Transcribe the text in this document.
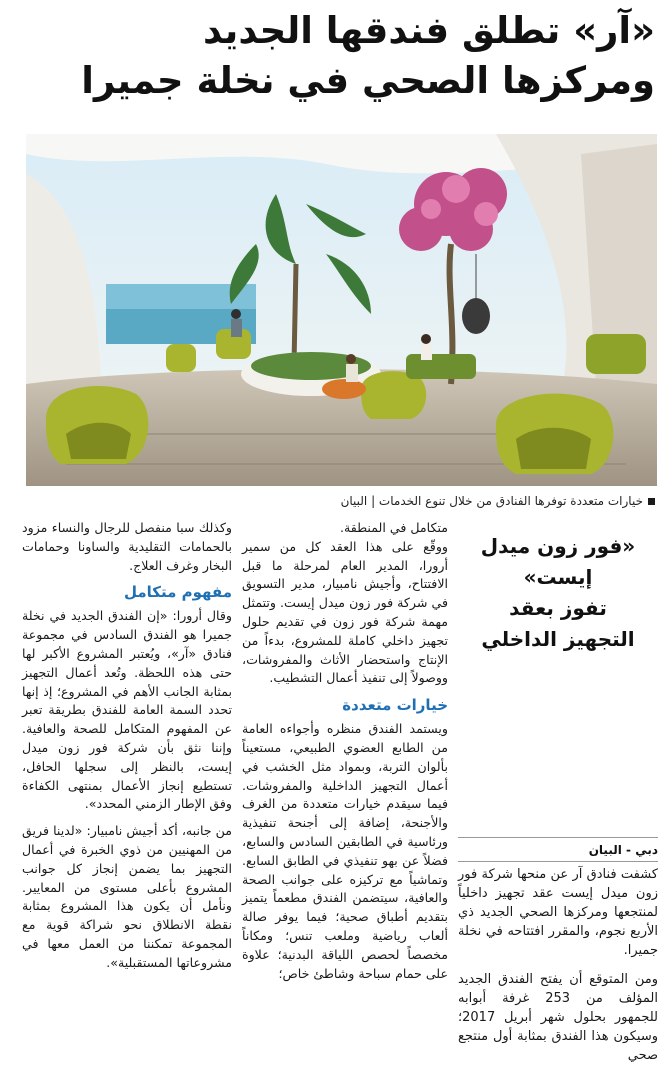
«آر» تطلق فندقها الجديد
ومركزها الصحي في نخلة جميرا
خيارات متعددة توفرها الفنادق من خلال تنوع الخدمات | البيان
«فور زون ميدل إيست»
تفوز بعقد
التجهيز الداخلي
دبي - البيان

كشفت فنادق آر عن منحها شركة فور زون ميدل إيست عقد تجهيز داخلياً لمنتجعها ومركزها الصحي الجديد ذي الأربع نجوم، والمقرر افتتاحه في نخلة جميرا.

ومن المتوقع أن يفتح الفندق الجديد المؤلف من 253 غرفة أبوابه للجمهور بحلول شهر أبريل 2017؛ وسيكون هذا الفندق بمثابة أول منتجع صحي

متكامل في المنطقة.

ووقّع على هذا العقد كل من سمير أرورا، المدير العام لمرحلة ما قبل الافتتاح، وأجيش نامبيار، مدير التسويق في شركة فور زون ميدل إيست. وتتمثل مهمة شركة فور زون في تقديم حلول تجهيز داخلي كاملة للمشروع، بدءاً من الإنتاج واستحضار الأثاث والمفروشات، ووصولاً إلى تنفيذ أعمال التشطيب.

خيارات متعددة

ويستمد الفندق منظره وأجواءه العامة من الطابع العضوي الطبيعي، مستعيناً بألوان التربة، وبمواد مثل الخشب في أعمال التجهيز الداخلية والمفروشات. فيما سيقدم خيارات متعددة من الغرف والأجنحة، إضافة إلى أجنحة تنفيذية ورئاسية في الطابقين السادس والسابع، فضلاً عن بهو تنفيذي في الطابق السابع. وتماشياً مع تركيزه على جوانب الصحة والعافية، سيتضمن الفندق مطعماً يتميز بتقديم أطباق صحية؛ فيما يوفر صالة ألعاب رياضية وملعب تنس؛ ومكاناً مخصصاً لحصص اللياقة البدنية؛ علاوة على حمام سباحة وشاطئ خاص؛

وكذلك سبا منفصل للرجال والنساء مزود بالحمامات التقليدية والساونا وحمامات البخار وغرف العلاج.

مفهوم متكامل

وقال أرورا: «إن الفندق الجديد في نخلة جميرا هو الفندق السادس في مجموعة فنادق «آر»، ويُعتبر المشروع الأكبر لها حتى هذه اللحظة. وتُعد أعمال التجهيز بمثابة الجانب الأهم في المشروع؛ إذ إنها تحدد السمة العامة للفندق بطريقة تعبر عن المفهوم المتكامل للصحة والعافية. وإننا نثق بأن شركة فور زون ميدل إيست، بالنظر إلى سجلها الحافل، تستطيع إنجاز الأعمال بمنتهى الكفاءة وفق الإطار الزمني المحدد».

من جانبه، أكد أجيش نامبيار: «لدينا فريق من المهنيين من ذوي الخبرة في أعمال التجهيز بما يضمن إنجاز كل جوانب المشروع بأعلى مستوى من المعايير. ونأمل أن يكون هذا المشروع بمثابة نقطة الانطلاق نحو شراكة قوية مع المجموعة تمكننا من العمل معها في مشروعاتها المستقبلية».
